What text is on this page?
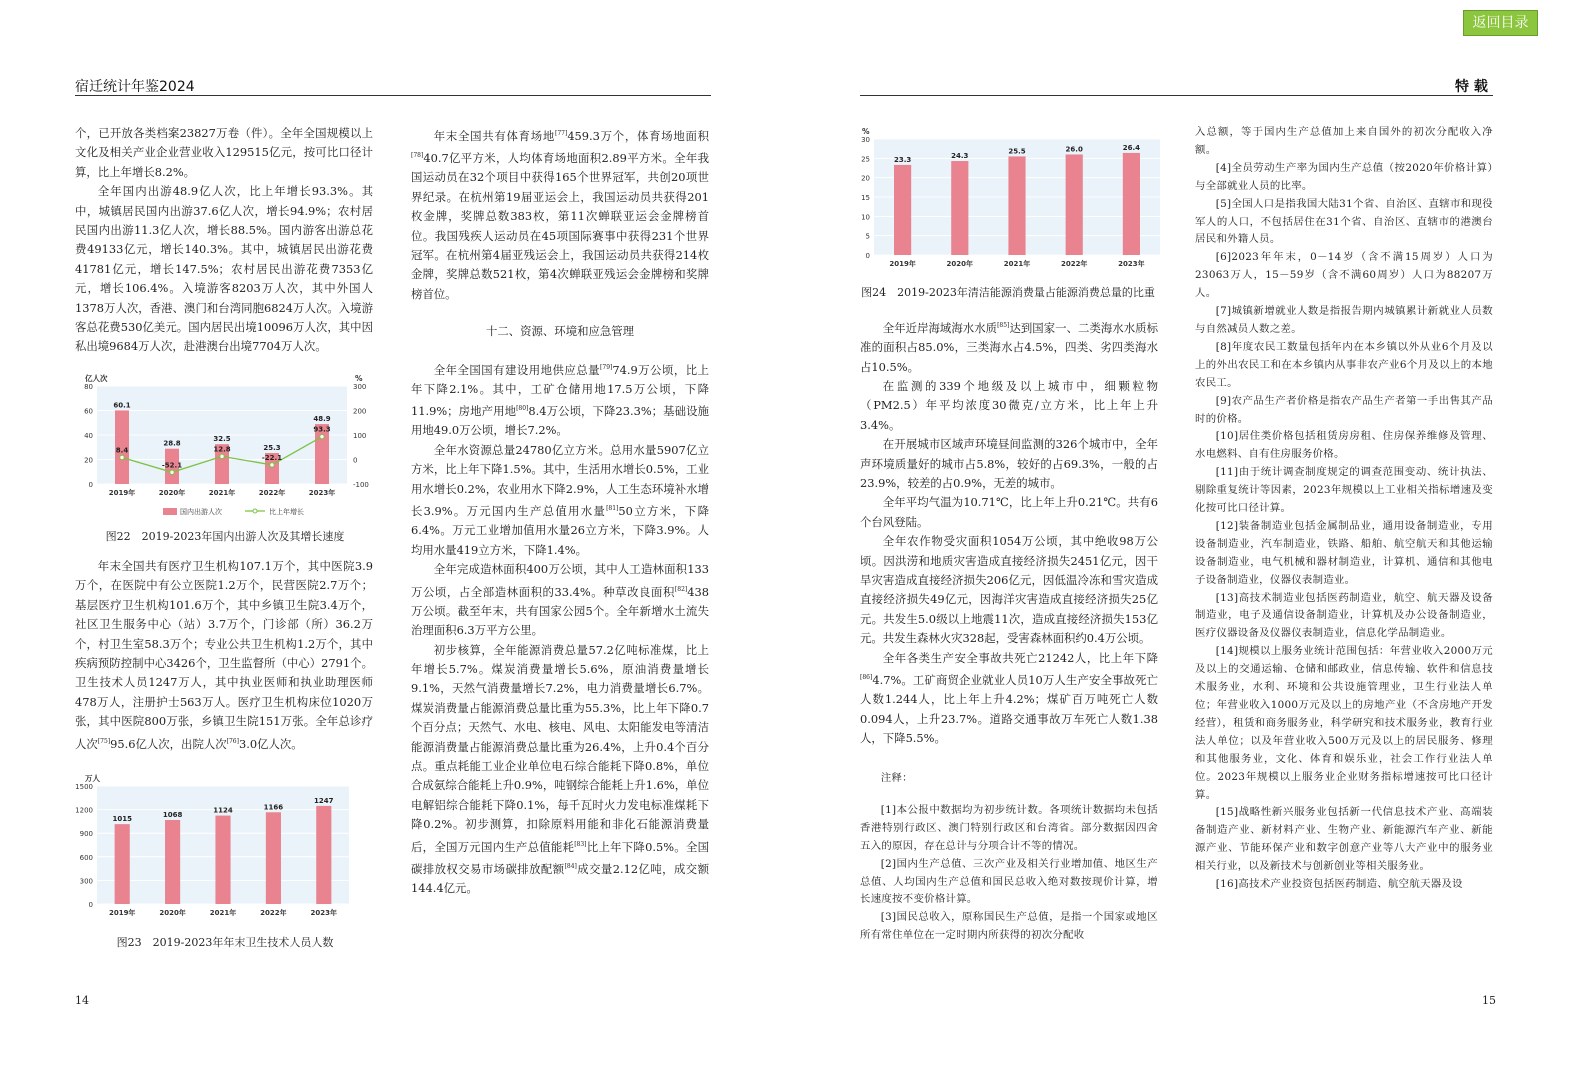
宿迁统计年鉴2024	特 载
返回目录

个，已开放各类档案23827万卷（件）。全年全国规模以上文化及相关产业企业营业收入129515亿元，按可比口径计算，比上年增长8.2%。

全年国内出游48.9亿人次，比上年增长93.3%。其中，城镇居民国内出游37.6亿人次，增长94.9%；农村居民国内出游11.3亿人次，增长88.5%。国内游客出游总花费49133亿元，增长140.3%。其中，城镇居民出游花费41781亿元，增长147.5%；农村居民出游花费7353亿元，增长106.4%。入境游客8203万人次，其中外国人1378万人次，香港、澳门和台湾同胞6824万人次。入境游客总花费530亿美元。国内居民出境10096万人次，其中因私出境9684万人次，赴港澳台出境7704万人次。

0
20
40
60
80
亿人次
2019年	2020年	2021年	2022年	2023年
60.1
28.8
32.5
25.3
48.9
-100
0
100
200
300
%
8.4
-52.1
12.8
-22.1
93.3
国内出游人次	比上年增长
图22　2019-2023年国内出游人次及其增长速度

年末全国共有医疗卫生机构107.1万个，其中医院3.9万个，在医院中有公立医院1.2万个，民营医院2.7万个；基层医疗卫生机构101.6万个，其中乡镇卫生院3.4万个，社区卫生服务中心（站）3.7万个，门诊部（所）36.2万个，村卫生室58.3万个；专业公共卫生机构1.2万个，其中疾病预防控制中心3426个，卫生监督所（中心）2791个。卫生技术人员1247万人，其中执业医师和执业助理医师478万人，注册护士563万人。医疗卫生机构床位1020万张，其中医院800万张，乡镇卫生院151万张。全年总诊疗人次[75]95.6亿人次，出院人次[76]3.0亿人次。

0
300
600
900
1200
1500
万人
2019年	2020年	2021年	2022年	2023年
1015
1068
1124	1166
1247
图23　2019-2023年年末卫生技术人员人数

年末全国共有体育场地[77]459.3万个，体育场地面积[78]40.7亿平方米，人均体育场地面积2.89平方米。全年我国运动员在32个项目中获得165个世界冠军，共创20项世界纪录。在杭州第19届亚运会上，我国运动员共获得201枚金牌，奖牌总数383枚，第11次蝉联亚运会金牌榜首位。我国残疾人运动员在45项国际赛事中获得231个世界冠军。在杭州第4届亚残运会上，我国运动员共获得214枚金牌，奖牌总数521枚，第4次蝉联亚残运会金牌榜和奖牌榜首位。

十二、资源、环境和应急管理

全年全国国有建设用地供应总量[79]74.9万公顷，比上年下降2.1%。其中，工矿仓储用地17.5万公顷，下降11.9%；房地产用地[80]8.4万公顷，下降23.3%；基础设施用地49.0万公顷，增长7.2%。

全年水资源总量24780亿立方米。总用水量5907亿立方米，比上年下降1.5%。其中，生活用水增长0.5%，工业用水增长0.2%，农业用水下降2.9%，人工生态环境补水增长3.9%。万元国内生产总值用水量[81]50立方米，下降6.4%。万元工业增加值用水量26立方米，下降3.9%。人均用水量419立方米，下降1.4%。

全年完成造林面积400万公顷，其中人工造林面积133万公顷，占全部造林面积的33.4%。种草改良面积[82]438万公顷。截至年末，共有国家公园5个。全年新增水土流失治理面积6.3万平方公里。

初步核算，全年能源消费总量57.2亿吨标准煤，比上年增长5.7%。煤炭消费量增长5.6%，原油消费量增长9.1%，天然气消费量增长7.2%，电力消费量增长6.7%。煤炭消费量占能源消费总量比重为55.3%，比上年下降0.7个百分点；天然气、水电、核电、风电、太阳能发电等清洁能源消费量占能源消费总量比重为26.4%，上升0.4个百分点。重点耗能工业企业单位电石综合能耗下降0.8%，单位合成氨综合能耗上升0.9%，吨钢综合能耗上升1.6%，单位电解铝综合能耗下降0.1%，每千瓦时火力发电标准煤耗下降0.2%。初步测算，扣除原料用能和非化石能源消费量后，全国万元国内生产总值能耗[83]比上年下降0.5%。全国碳排放权交易市场碳排放配额[84]成交量2.12亿吨，成交额144.4亿元。

0
5
10
15
20
25
30
%
2019年	2020年	2021年	2022年	2023年
23.3	24.3
25.5	26.0	26.4
图24　2019-2023年清洁能源消费量占能源消费总量的比重

全年近岸海域海水水质[85]达到国家一、二类海水水质标准的面积占85.0%，三类海水占4.5%，四类、劣四类海水占10.5%。

在监测的339个地级及以上城市中，细颗粒物（PM2.5）年平均浓度30微克/立方米，比上年上升3.4%。

在开展城市区域声环境昼间监测的326个城市中，全年声环境质量好的城市占5.8%，较好的占69.3%，一般的占23.9%，较差的占0.9%，无差的城市。

全年平均气温为10.71℃，比上年上升0.21℃。共有6个台风登陆。

全年农作物受灾面积1054万公顷，其中绝收98万公顷。因洪涝和地质灾害造成直接经济损失2451亿元，因干旱灾害造成直接经济损失206亿元，因低温冷冻和雪灾造成直接经济损失49亿元，因海洋灾害造成直接经济损失25亿元。共发生5.0级以上地震11次，造成直接经济损失153亿元。共发生森林火灾328起，受害森林面积约0.4万公顷。

全年各类生产安全事故共死亡21242人，比上年下降[86]4.7%。工矿商贸企业就业人员10万人生产安全事故死亡人数1.244人，比上年上升4.2%；煤矿百万吨死亡人数0.094人，上升23.7%。道路交通事故万车死亡人数1.38人，下降5.5%。

注释：

[1]本公报中数据均为初步统计数。各项统计数据均未包括香港特别行政区、澳门特别行政区和台湾省。部分数据因四舍五入的原因，存在总计与分项合计不等的情况。

[2]国内生产总值、三次产业及相关行业增加值、地区生产总值、人均国内生产总值和国民总收入绝对数按现价计算，增长速度按不变价格计算。

[3]国民总收入，原称国民生产总值，是指一个国家或地区所有常住单位在一定时期内所获得的初次分配收

入总额，等于国内生产总值加上来自国外的初次分配收入净额。

[4]全员劳动生产率为国内生产总值（按2020年价格计算）与全部就业人员的比率。

[5]全国人口是指我国大陆31个省、自治区、直辖市和现役军人的人口，不包括居住在31个省、自治区、直辖市的港澳台居民和外籍人员。

[6]2023年年末，0－14岁（含不满15周岁）人口为23063万人，15－59岁（含不满60周岁）人口为88207万人。

[7]城镇新增就业人数是指报告期内城镇累计新就业人员数与自然减员人数之差。

[8]年度农民工数量包括年内在本乡镇以外从业6个月及以上的外出农民工和在本乡镇内从事非农产业6个月及以上的本地农民工。

[9]农产品生产者价格是指农产品生产者第一手出售其产品时的价格。

[10]居住类价格包括租赁房房租、住房保养维修及管理、水电燃料、自有住房服务价格。

[11]由于统计调查制度规定的调查范围变动、统计执法、剔除重复统计等因素，2023年规模以上工业相关指标增速及变化按可比口径计算。

[12]装备制造业包括金属制品业，通用设备制造业，专用设备制造业，汽车制造业，铁路、船舶、航空航天和其他运输设备制造业，电气机械和器材制造业，计算机、通信和其他电子设备制造业，仪器仪表制造业。

[13]高技术制造业包括医药制造业，航空、航天器及设备制造业，电子及通信设备制造业，计算机及办公设备制造业，医疗仪器设备及仪器仪表制造业，信息化学品制造业。

[14]规模以上服务业统计范围包括：年营业收入2000万元及以上的交通运输、仓储和邮政业，信息传输、软件和信息技术服务业，水利、环境和公共设施管理业，卫生行业法人单位；年营业收入1000万元及以上的房地产业（不含房地产开发经营），租赁和商务服务业，科学研究和技术服务业，教育行业法人单位；以及年营业收入500万元及以上的居民服务、修理和其他服务业，文化、体育和娱乐业，社会工作行业法人单位。2023年规模以上服务业企业财务指标增速按可比口径计算。

[15]战略性新兴服务业包括新一代信息技术产业、高端装备制造产业、新材料产业、生物产业、新能源汽车产业、新能源产业、节能环保产业和数字创意产业等八大产业中的服务业相关行业，以及新技术与创新创业等相关服务业。

[16]高技术产业投资包括医药制造、航空航天器及设

14	15
